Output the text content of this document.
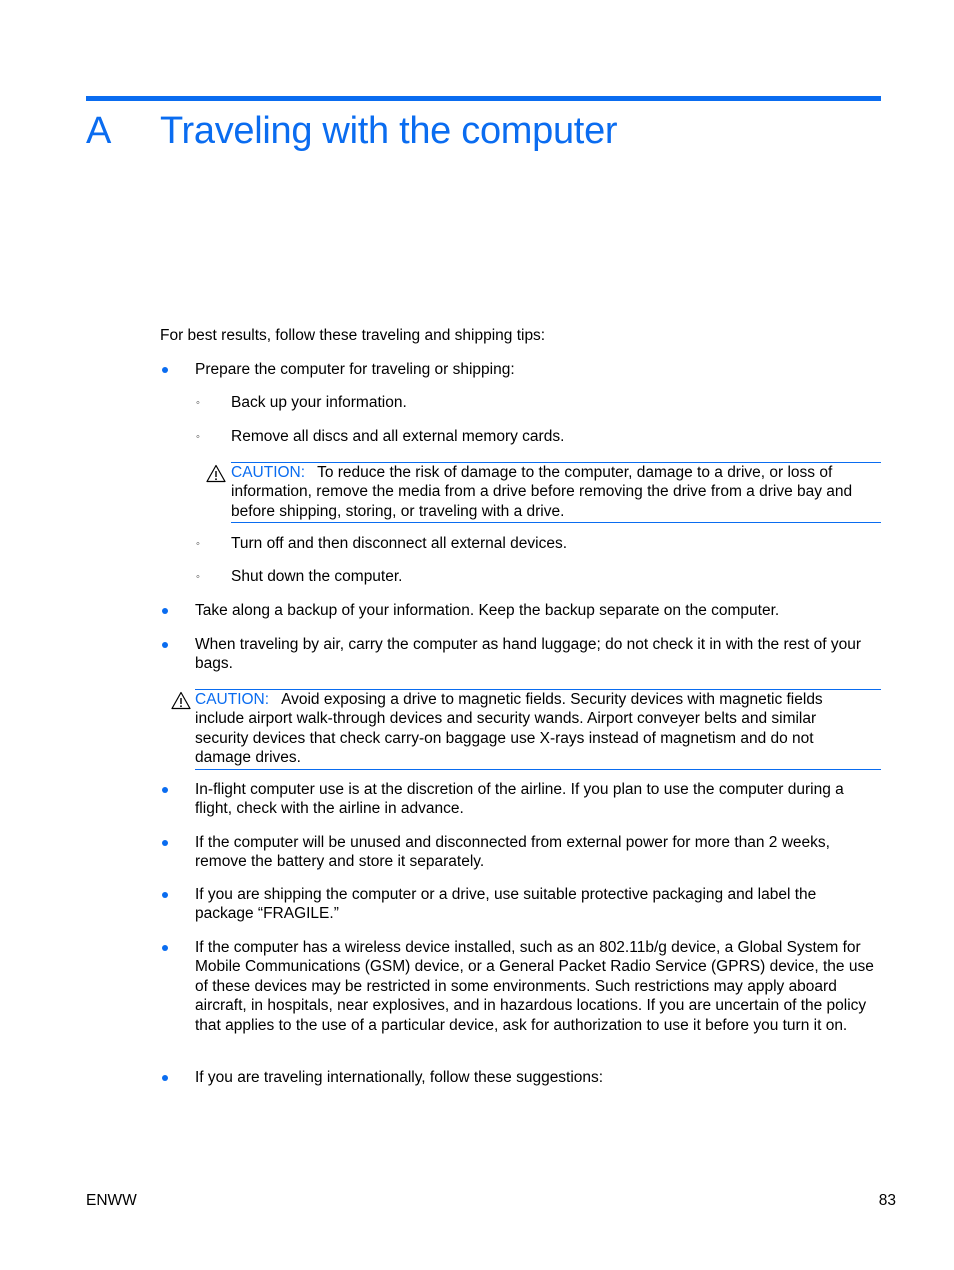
A Traveling with the computer
For best results, follow these traveling and shipping tips:
Prepare the computer for traveling or shipping:
◦ Back up your information.
◦ Remove all discs and all external memory cards.
CAUTION: To reduce the risk of damage to the computer, damage to a drive, or loss of information, remove the media from a drive before removing the drive from a drive bay and before shipping, storing, or traveling with a drive.
◦ Turn off and then disconnect all external devices.
◦ Shut down the computer.
Take along a backup of your information. Keep the backup separate on the computer.
When traveling by air, carry the computer as hand luggage; do not check it in with the rest of your bags.
CAUTION: Avoid exposing a drive to magnetic fields. Security devices with magnetic fields include airport walk-through devices and security wands. Airport conveyer belts and similar security devices that check carry-on baggage use X-rays instead of magnetism and do not damage drives.
In-flight computer use is at the discretion of the airline. If you plan to use the computer during a flight, check with the airline in advance.
If the computer will be unused and disconnected from external power for more than 2 weeks, remove the battery and store it separately.
If you are shipping the computer or a drive, use suitable protective packaging and label the package “FRAGILE.”
If the computer has a wireless device installed, such as an 802.11b/g device, a Global System for Mobile Communications (GSM) device, or a General Packet Radio Service (GPRS) device, the use of these devices may be restricted in some environments. Such restrictions may apply aboard aircraft, in hospitals, near explosives, and in hazardous locations. If you are uncertain of the policy that applies to the use of a particular device, ask for authorization to use it before you turn it on.
If you are traveling internationally, follow these suggestions:
ENWW	83
